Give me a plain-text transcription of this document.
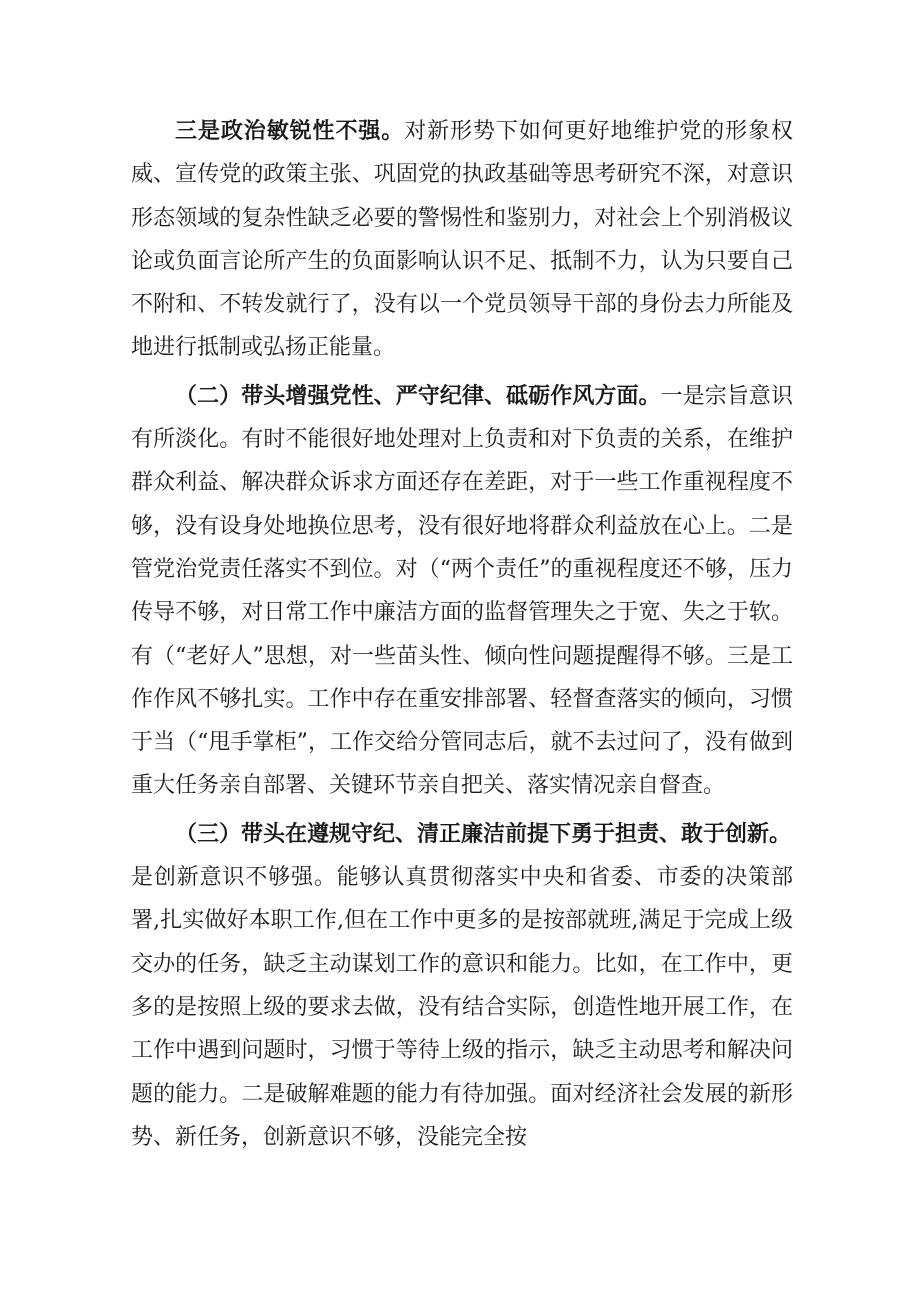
三是政治敏锐性不强。对新形势下如何更好地维护党的形象权威、宣传党的政策主张、巩固党的执政基础等思考研究不深，对意识形态领域的复杂性缺乏必要的警惕性和鉴别力，对社会上个别消极议论或负面言论所产生的负面影响认识不足、抵制不力，认为只要自己不附和、不转发就行了，没有以一个党员领导干部的身份去力所能及地进行抵制或弘扬正能量。

（二）带头增强党性、严守纪律、砥砺作风方面。一是宗旨意识有所淡化。有时不能很好地处理对上负责和对下负责的关系，在维护群众利益、解决群众诉求方面还存在差距，对于一些工作重视程度不够，没有设身处地换位思考，没有很好地将群众利益放在心上。二是管党治党责任落实不到位。对（“两个责任”的重视程度还不够，压力传导不够，对日常工作中廉洁方面的监督管理失之于宽、失之于软。有（“老好人”思想，对一些苗头性、倾向性问题提醒得不够。三是工作作风不够扎实。工作中存在重安排部署、轻督查落实的倾向，习惯于当（“甩手掌柜”，工作交给分管同志后，就不去过问了，没有做到重大任务亲自部署、关键环节亲自把关、落实情况亲自督查。

（三）带头在遵规守纪、清正廉洁前提下勇于担责、敢于创新。

是创新意识不够强。能够认真贯彻落实中央和省委、市委的决策部署,扎实做好本职工作,但在工作中更多的是按部就班,满足于完成上级交办的任务，缺乏主动谋划工作的意识和能力。比如，在工作中，更多的是按照上级的要求去做，没有结合实际，创造性地开展工作，在工作中遇到问题时，习惯于等待上级的指示，缺乏主动思考和解决问题的能力。二是破解难题的能力有待加强。面对经济社会发展的新形势、新任务，创新意识不够，没能完全按
